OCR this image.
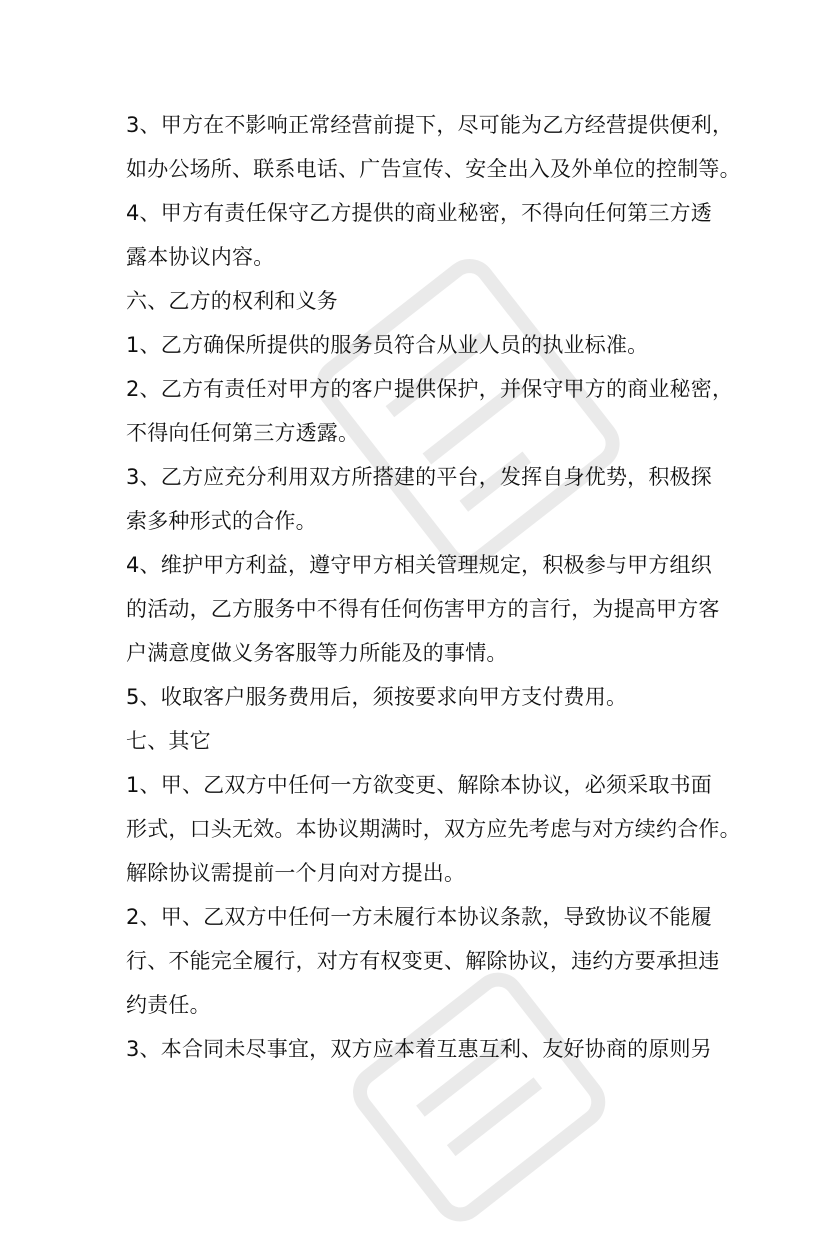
3、甲方在不影响正常经营前提下，尽可能为乙方经营提供便利，
如办公场所、联系电话、广告宣传、安全出入及外单位的控制等。
4、甲方有责任保守乙方提供的商业秘密，不得向任何第三方透
露本协议内容。
六、乙方的权利和义务
1、乙方确保所提供的服务员符合从业人员的执业标准。
2、乙方有责任对甲方的客户提供保护，并保守甲方的商业秘密，
不得向任何第三方透露。
3、乙方应充分利用双方所搭建的平台，发挥自身优势，积极探
索多种形式的合作。
4、维护甲方利益，遵守甲方相关管理规定，积极参与甲方组织
的活动，乙方服务中不得有任何伤害甲方的言行，为提高甲方客
户满意度做义务客服等力所能及的事情。
5、收取客户服务费用后，须按要求向甲方支付费用。
七、其它
1、甲、乙双方中任何一方欲变更、解除本协议，必须采取书面
形式，口头无效。本协议期满时，双方应先考虑与对方续约合作。
解除协议需提前一个月向对方提出。
2、甲、乙双方中任何一方未履行本协议条款，导致协议不能履
行、不能完全履行，对方有权变更、解除协议，违约方要承担违
约责任。
3、本合同未尽事宜，双方应本着互惠互利、友好协商的原则另
